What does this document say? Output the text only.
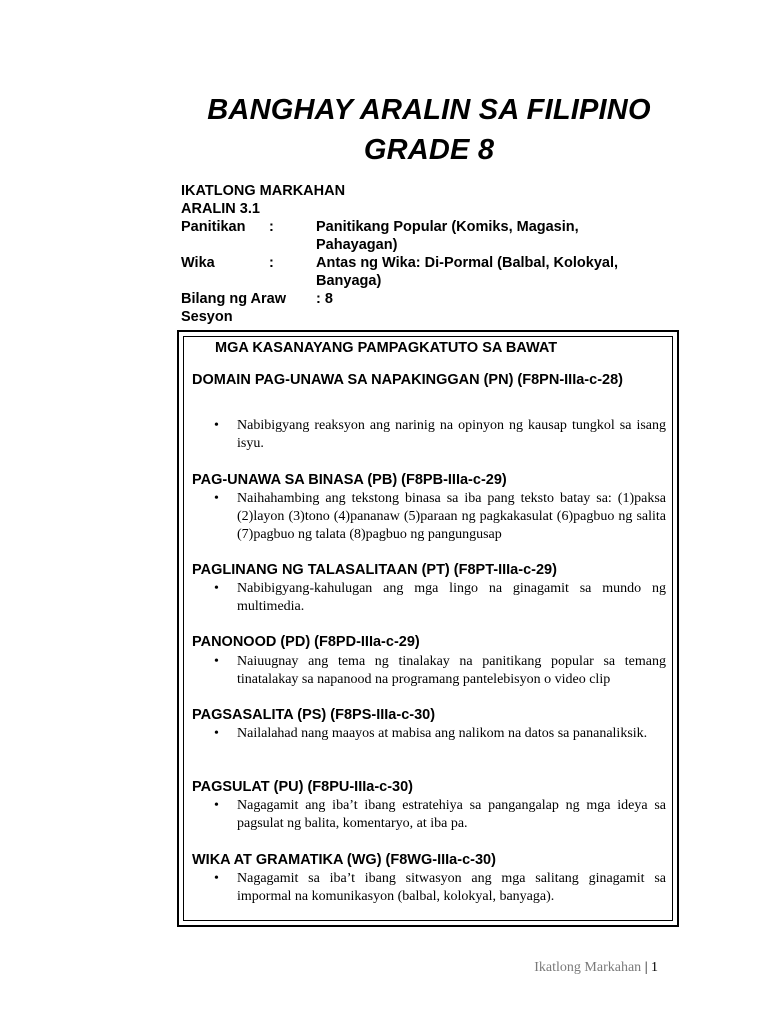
BANGHAY ARALIN SA FILIPINO
GRADE 8
IKATLONG MARKAHAN
ARALIN 3.1
Panitikan	:	Panitikang Popular (Komiks, Magasin, Pahayagan)
Wika	:	Antas ng Wika: Di-Pormal (Balbal, Kolokyal, Banyaga)
Bilang ng Araw	: 8
Sesyon
MGA KASANAYANG PAMPAGKATUTO SA BAWAT
DOMAIN PAG-UNAWA SA NAPAKINGGAN (PN) (F8PN-IIIa-c-28)
•	Nabibigyang reaksyon ang narinig na opinyon ng kausap tungkol sa isang isyu.
PAG-UNAWA SA BINASA (PB) (F8PB-IIIa-c-29)
•	Naihahambing ang tekstong binasa sa iba pang teksto batay sa: (1)paksa (2)layon (3)tono (4)pananaw (5)paraan ng pagkakasulat (6)pagbuo ng salita (7)pagbuo ng talata (8)pagbuo ng pangungusap
PAGLINANG NG TALASALITAAN (PT) (F8PT-IIIa-c-29)
•	Nabibigyang-kahulugan ang mga lingo na ginagamit sa mundo ng multimedia.
PANONOOD (PD) (F8PD-IIIa-c-29)
•	Naiuugnay ang tema ng tinalakay na panitikang popular sa temang tinatalakay sa napanood na programang pantelebisyon o video clip
PAGSASALITA (PS) (F8PS-IIIa-c-30)
•	Nailalahad nang maayos at mabisa ang nalikom na datos sa pananaliksik.
PAGSULAT (PU) (F8PU-IIIa-c-30)
•	Nagagamit ang iba’t ibang estratehiya sa pangangalap ng mga ideya sa pagsulat ng balita, komentaryo, at iba pa.
WIKA AT GRAMATIKA (WG) (F8WG-IIIa-c-30)
•	Nagagamit sa iba’t ibang sitwasyon ang mga salitang ginagamit sa impormal na komunikasyon (balbal, kolokyal, banyaga).
Ikatlong Markahan | 1
